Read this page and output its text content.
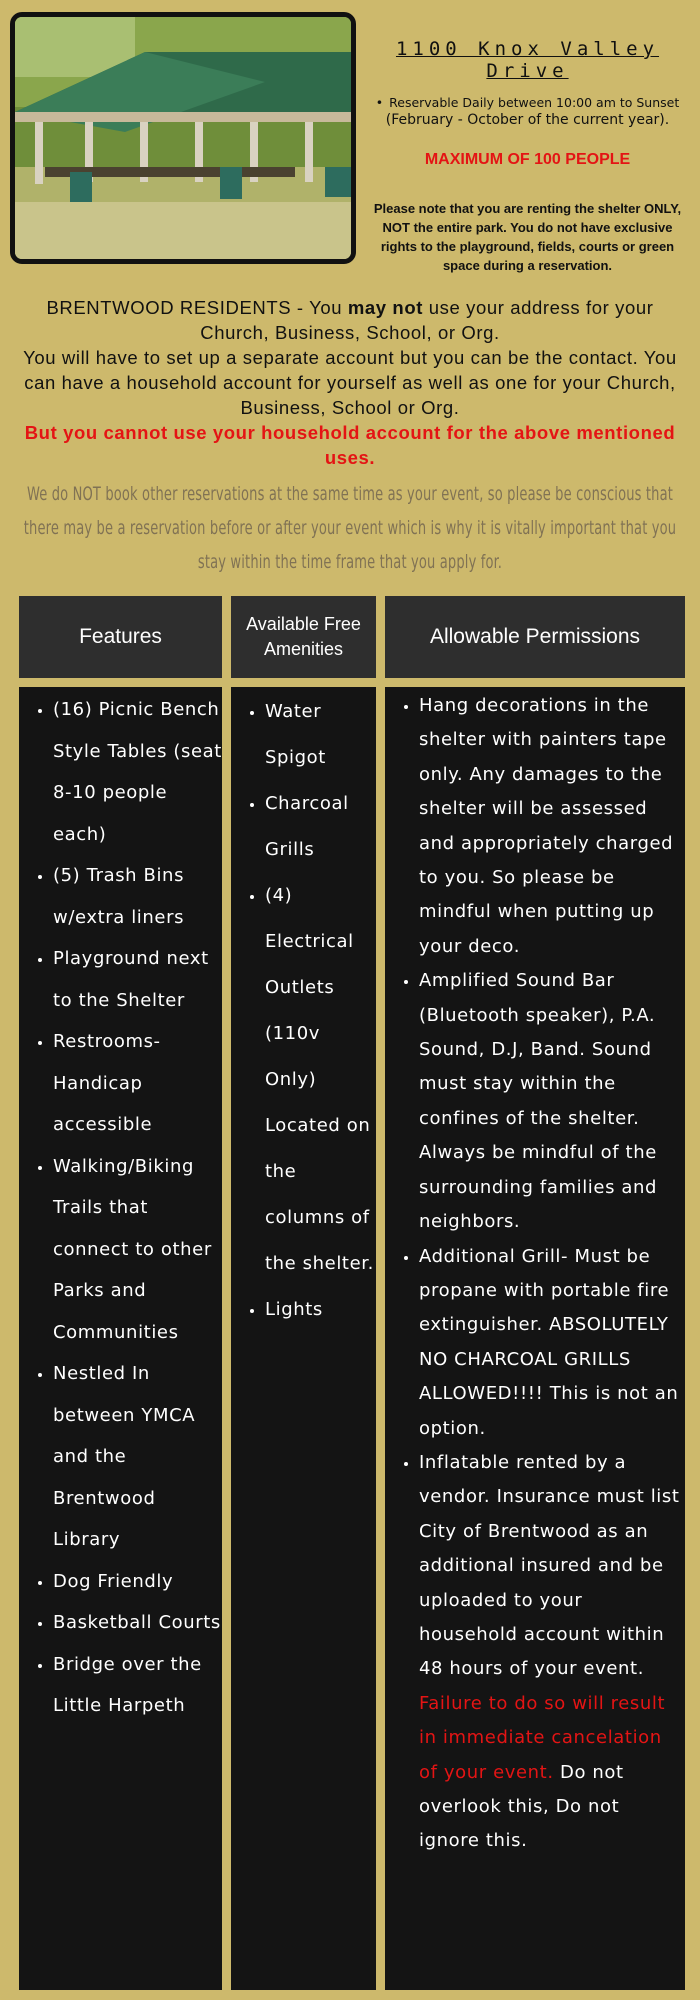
1100 Knox Valley Drive

• Reservable Daily between 10:00 am to Sunset
(February - October of the current year).

MAXIMUM OF 100 PEOPLE

Please note that you are renting the shelter ONLY, NOT the entire park. You do not have exclusive rights to the playground, fields, courts or green space during a reservation.

BRENTWOOD RESIDENTS - You may not use your address for your Church, Business, School, or Org.
You will have to set up a separate account but you can be the contact. You can have a household account for yourself as well as one for your Church, Business, School or Org.
But you cannot use your household account for the above mentioned uses.
We do NOT book other reservations at the same time as your event, so please be conscious that there may be a reservation before or after your event which is why it is vitally important that you stay within the time frame that you apply for.
Features
Available Free Amenities
Allowable Permissions
• (16) Picnic Bench Style Tables (seat 8-10 people each)
• (5) Trash Bins w/extra liners
• Playground next to the Shelter
• Restrooms-Handicap accessible
• Walking/Biking Trails that connect to other Parks and Communities
• Nestled In between YMCA and the Brentwood Library
• Dog Friendly
• Basketball Courts
• Bridge over the Little Harpeth
• Water Spigot
• Charcoal Grills
• (4) Electrical Outlets (110v Only) Located on the columns of the shelter.
• Lights
• Hang decorations in the shelter with painters tape only. Any damages to the shelter will be assessed and appropriately charged to you. So please be mindful when putting up your deco.
• Amplified Sound Bar (Bluetooth speaker), P.A. Sound, D.J, Band. Sound must stay within the confines of the shelter. Always be mindful of the surrounding families and neighbors.
• Additional Grill- Must be propane with portable fire extinguisher. ABSOLUTELY NO CHARCOAL GRILLS ALLOWED!!!! This is not an option.
• Inflatable rented by a vendor. Insurance must list City of Brentwood as an additional insured and be uploaded to your household account within 48 hours of your event. Failure to do so will result in immediate cancelation of your event. Do not overlook this, Do not ignore this.
